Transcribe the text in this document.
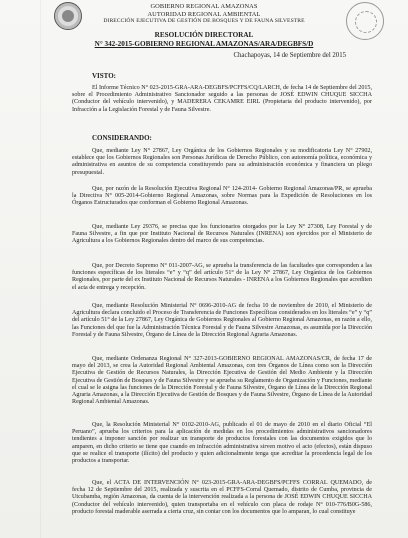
GOBIERNO REGIONAL AMAZONAS
AUTORIDAD REGIONAL AMBIENTAL
DIRECCIÓN EJECUTIVA DE GESTIÓN DE BOSQUES Y DE FAUNA SILVESTRE
RESOLUCIÓN DIRECTORAL
N° 342-2015-GOBIERNO REGIONAL AMAZONAS/ARA/DEGBFS/D
Chachapoyas, 14 de Septiembre del 2015
VISTO:
El Informe Técnico N° 023-2015-GRA-ARA-DEGBFS/PCFFS/CQ/LARCH, de fecha 14 de Septiembre del 2015, sobre el Procedimiento Administrativo Sancionador seguido a las personas de JOSÉ EDWIN CHUQUE SICCHA (Conductor del vehículo intervenido), y MADERERA CEKAMRE EIRL (Propietaria del producto intervenido), por Infracción a la Legislación Forestal y de Fauna Silvestre.
CONSIDERANDO:
Que, mediante Ley N° 27867, Ley Orgánica de los Gobiernos Regionales y su modificatoria Ley N° 27902, establece que los Gobiernos Regionales son Personas Jurídicas de Derecho Público, con autonomía política, económica y administrativa en asuntos de su competencia constituyendo para su administración económica y financiera un pliego presupuestal.
Que, por razón de la Resolución Ejecutiva Regional N° 124-2014- Gobierno Regional Amazonas/PR, se aprueba la Directiva N° 005-2014-Gobierno Regional Amazonas, sobre Normas para la Expedición de Resoluciones en los Órganos Estructurados que conforman el Gobierno Regional Amazonas.
Que, mediante Ley 29376, se precisa que los funcionarios otorgados por la Ley N° 27308, Ley Forestal y de Fauna Silvestre, a fin que por Instituto Nacional de Recursos Naturales (INRENA) son ejercidos por el Ministerio de Agricultura a los Gobiernos Regionales dentro del marco de sus competencias.
Que, por Decreto Supremo N° 011-2007-AG, se aprueba la transferencia de las facultades que corresponden a las funciones específicas de los literales “e” y “q” del artículo 51° de la Ley N° 27867, Ley Orgánica de los Gobiernos Regionales, por parte del ex Instituto Nacional de Recursos Naturales - INRENA a los Gobiernos Regionales que acrediten el acta de entrega y recepción.
Que, mediante Resolución Ministerial N° 0696-2010-AG de fecha 10 de noviembre de 2010, el Ministerio de Agricultura declara concluido el Proceso de Transferencia de Funciones Específicas considerados en los literales “e” y “q” del artículo 51° de la Ley 27867, Ley Orgánica de Gobiernos Regionales al Gobierno Regional Amazonas, en razón a ello, las Funciones del que fue la Administración Técnica Forestal y de Fauna Silvestre Amazonas, es asumida por la Dirección Forestal y de Fauna Silvestre, Órgano de Línea de la Dirección Regional Agraria Amazonas.
Que, mediante Ordenanza Regional N° 327-2013-GOBIERNO REGIONAL AMAZONAS/CR, de fecha 17 de mayo del 2013, se crea la Autoridad Regional Ambiental Amazonas, con tres Órganos de Línea como son la Dirección Ejecutiva de Gestión de Recursos Naturales, la Dirección Ejecutiva de Gestión del Medio Ambiente y la Dirección Ejecutiva de Gestión de Bosques y de Fauna Silvestre y se aprueba su Reglamento de Organización y Funciones, mediante el cual se le asigna las funciones de la Dirección Forestal y de Fauna Silvestre, Órgano de Línea de la Dirección Regional Agraria Amazonas, a la Dirección Ejecutiva de Gestión de Bosques y de Fauna Silvestre, Órgano de Línea de la Autoridad Regional Ambiental Amazonas.
Que, la Resolución Ministerial N° 0102-2010-AG, publicado el 01 de mayo de 2010 en el diario Oficial “El Peruano”, aprueba los criterios para la aplicación de medidas en los procedimientos administrativos sancionadores tendientes a imponer sanción por realizar un transporte de productos forestales con las documentos exigidos que lo amparen, en dicho criterio se tiene que cuando en infracción administrativa sirven motivo el acto (efectos), están dispuso que se realice el transporte (ilícito) del producto y quien adicionalmente tenga que acreditar la procedencia legal de los productos a transportar.
Que, el ACTA DE INTERVENCIÓN N° 023-2015-GRA-ARA-DEGBFS/PCFFS CORRAL QUEMADO, de fecha 12 de Septiembre del 2015, realizada y suscrita en el PCFFS-Corral Quemado, distrito de Cumba, provincia de Utcubamba, región Amazonas, da cuenta de la intervención realizada a la persona de JOSÉ EDWIN CHUQUE SICCHA (Conductor del vehículo intervenido), quien transportaba en el vehículo con placa de rodaje N° 010-776/B0G-586, producto forestal maderable aserrada a cierta cruz, sin contar con los documentos que lo amparan, lo cual constituye
